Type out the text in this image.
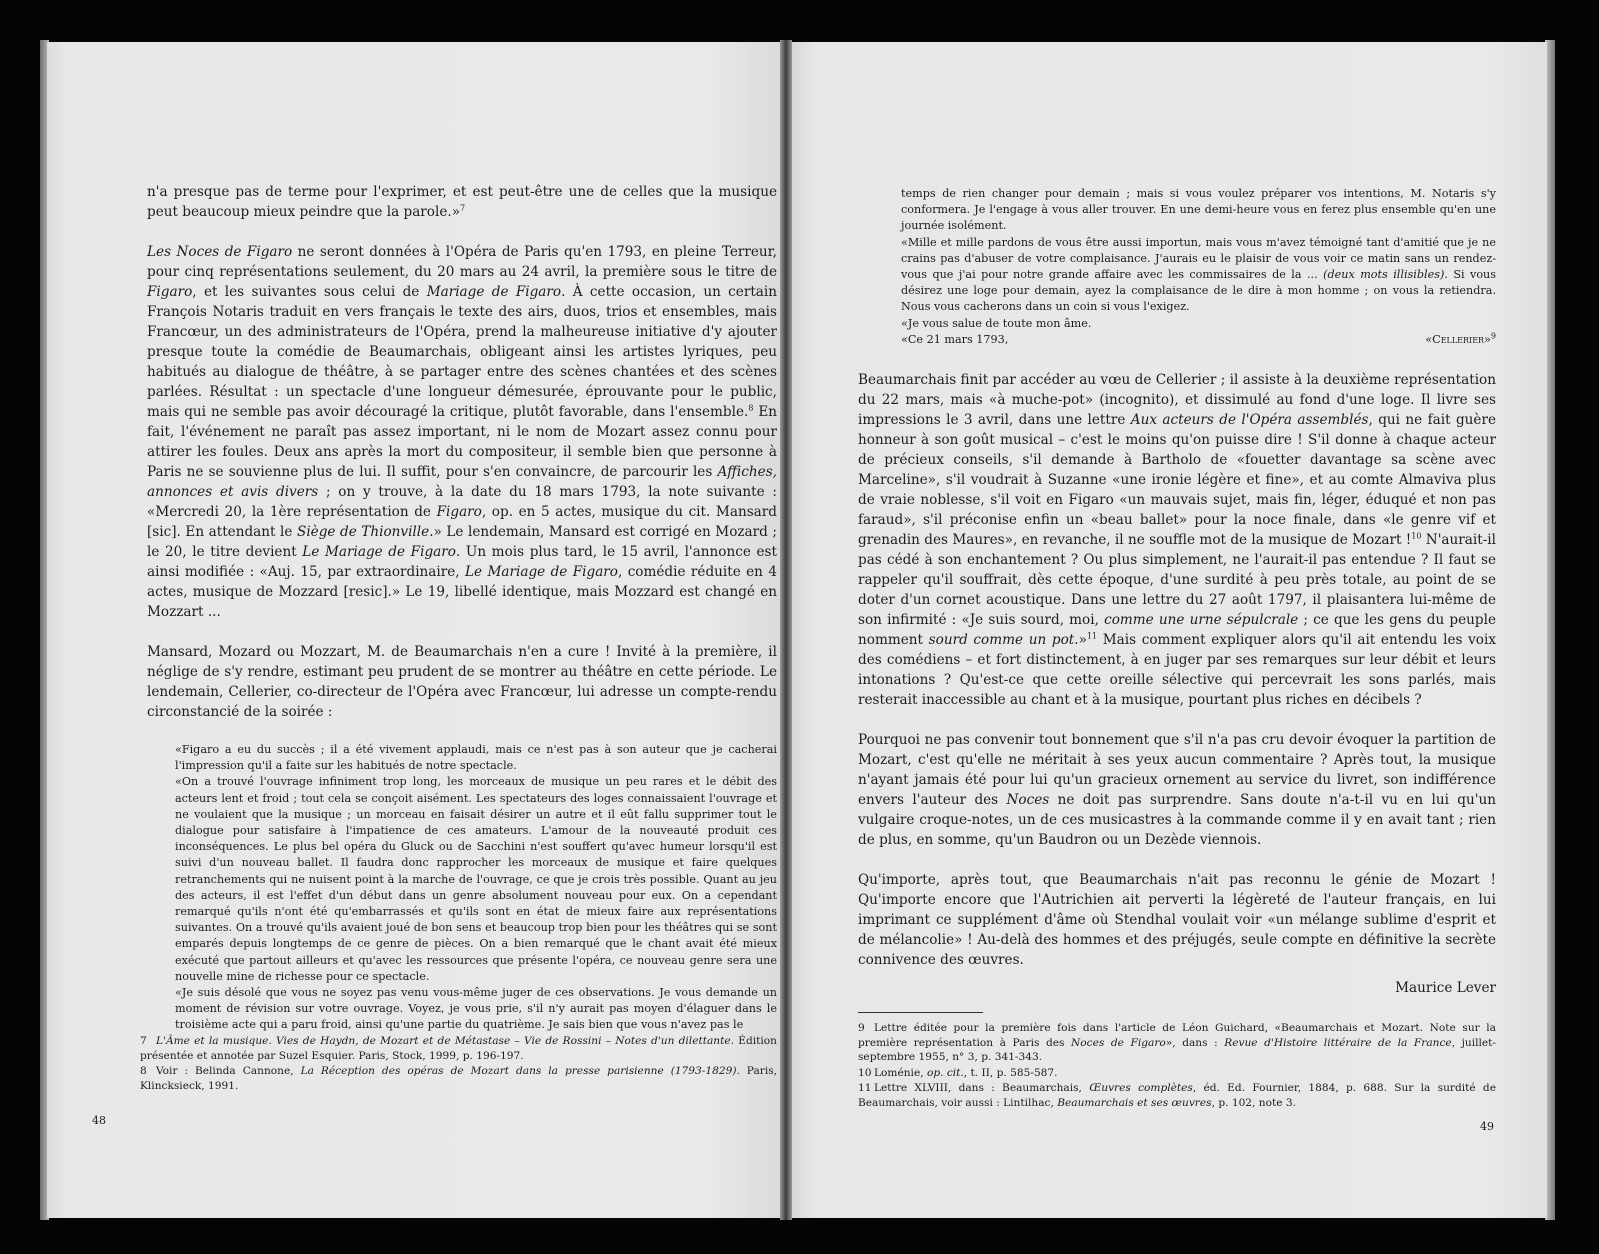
n'a presque pas de terme pour l'exprimer, et est peut-être une de celles que la musique peut beaucoup mieux peindre que la parole.»$^7$

Les Noces de Figaro ne seront données à l'Opéra de Paris qu'en 1793, en pleine Terreur, pour cinq représentations seulement, du 20 mars au 24 avril, la première sous le titre de Figaro, et les suivantes sous celui de Mariage de Figaro. À cette occasion, un certain François Notaris traduit en vers français le texte des airs, duos, trios et ensembles, mais Francœur, un des administrateurs de l'Opéra, prend la malheureuse initiative d'y ajouter presque toute la comédie de Beaumarchais, obligeant ainsi les artistes lyriques, peu habitués au dialogue de théâtre, à se partager entre des scènes chantées et des scènes parlées. Résultat : un spectacle d'une longueur démesurée, éprouvante pour le public, mais qui ne semble pas avoir découragé la critique, plutôt favorable, dans l'ensemble.$^8$ En fait, l'événement ne paraît pas assez important, ni le nom de Mozart assez connu pour attirer les foules. Deux ans après la mort du compositeur, il semble bien que personne à Paris ne se souvienne plus de lui. Il suffit, pour s'en convaincre, de parcourir les Affiches, annonces et avis divers ; on y trouve, à la date du 18 mars 1793, la note suivante : «Mercredi 20, la 1ère représentation de Figaro, op. en 5 actes, musique du cit. Mansard [sic]. En attendant le Siège de Thionville.» Le lendemain, Mansard est corrigé en Mozard ; le 20, le titre devient Le Mariage de Figaro. Un mois plus tard, le 15 avril, l'annonce est ainsi modifiée : «Auj. 15, par extraordinaire, Le Mariage de Figaro, comédie réduite en 4 actes, musique de Mozzard [resic].» Le 19, libellé identique, mais Mozzard est changé en Mozzart ...

Mansard, Mozard ou Mozzart, M. de Beaumarchais n'en a cure ! Invité à la première, il néglige de s'y rendre, estimant peu prudent de se montrer au théâtre en cette période. Le lendemain, Cellerier, co-directeur de l'Opéra avec Francœur, lui adresse un compte-rendu circonstancié de la soirée :

«Figaro a eu du succès ; il a été vivement applaudi, mais ce n'est pas à son auteur que je cacherai l'impression qu'il a faite sur les habitués de notre spectacle.

«On a trouvé l'ouvrage infiniment trop long, les morceaux de musique un peu rares et le débit des acteurs lent et froid ; tout cela se conçoit aisément. Les spectateurs des loges connaissaient l'ouvrage et ne voulaient que la musique ; un morceau en faisait désirer un autre et il eût fallu supprimer tout le dialogue pour satisfaire à l'impatience de ces amateurs. L'amour de la nouveauté produit ces inconséquences. Le plus bel opéra du Gluck ou de Sacchini n'est souffert qu'avec humeur lorsqu'il est suivi d'un nouveau ballet. Il faudra donc rapprocher les morceaux de musique et faire quelques retranchements qui ne nuisent point à la marche de l'ouvrage, ce que je crois très possible. Quant au jeu des acteurs, il est l'effet d'un début dans un genre absolument nouveau pour eux. On a cependant remarqué qu'ils n'ont été qu'embarrassés et qu'ils sont en état de mieux faire aux représentations suivantes. On a trouvé qu'ils avaient joué de bon sens et beaucoup trop bien pour les théâtres qui se sont emparés depuis longtemps de ce genre de pièces. On a bien remarqué que le chant avait été mieux exécuté que partout ailleurs et qu'avec les ressources que présente l'opéra, ce nouveau genre sera une nouvelle mine de richesse pour ce spectacle.

«Je suis désolé que vous ne soyez pas venu vous-même juger de ces observations. Je vous demande un moment de révision sur votre ouvrage. Voyez, je vous prie, s'il n'y aurait pas moyen d'élaguer dans le troisième acte qui a paru froid, ainsi qu'une partie du quatrième. Je sais bien que vous n'avez pas le

7 L'Âme et la musique. Vies de Haydn, de Mozart et de Métastase – Vie de Rossini – Notes d'un dilettante. Édition présentée et annotée par Suzel Esquier. Paris, Stock, 1999, p. 196-197.

8 Voir : Belinda Cannone, La Réception des opéras de Mozart dans la presse parisienne (1793-1829). Paris, Klincksieck, 1991.

48

temps de rien changer pour demain ; mais si vous voulez préparer vos intentions, M. Notaris s'y conformera. Je l'engage à vous aller trouver. En une demi-heure vous en ferez plus ensemble qu'en une journée isolément.

«Mille et mille pardons de vous être aussi importun, mais vous m'avez témoigné tant d'amitié que je ne crains pas d'abuser de votre complaisance. J'aurais eu le plaisir de vous voir ce matin sans un rendez-vous que j'ai pour notre grande affaire avec les commissaires de la ... (deux mots illisibles). Si vous désirez une loge pour demain, ayez la complaisance de le dire à mon homme ; on vous la retiendra. Nous vous cacherons dans un coin si vous l'exigez.

«Je vous salue de toute mon âme.

«Ce 21 mars 1793,	«Cellerier»$^9$

Beaumarchais finit par accéder au vœu de Cellerier ; il assiste à la deuxième représentation du 22 mars, mais «à muche-pot» (incognito), et dissimulé au fond d'une loge. Il livre ses impressions le 3 avril, dans une lettre Aux acteurs de l'Opéra assemblés, qui ne fait guère honneur à son goût musical – c'est le moins qu'on puisse dire ! S'il donne à chaque acteur de précieux conseils, s'il demande à Bartholo de «fouetter davantage sa scène avec Marceline», s'il voudrait à Suzanne «une ironie légère et fine», et au comte Almaviva plus de vraie noblesse, s'il voit en Figaro «un mauvais sujet, mais fin, léger, éduqué et non pas faraud», s'il préconise enfin un «beau ballet» pour la noce finale, dans «le genre vif et grenadin des Maures», en revanche, il ne souffle mot de la musique de Mozart !$^{10}$ N'aurait-il pas cédé à son enchantement ? Ou plus simplement, ne l'aurait-il pas entendue ? Il faut se rappeler qu'il souffrait, dès cette époque, d'une surdité à peu près totale, au point de se doter d'un cornet acoustique. Dans une lettre du 27 août 1797, il plaisantera lui-même de son infirmité : «Je suis sourd, moi, comme une urne sépulcrale ; ce que les gens du peuple nomment sourd comme un pot.»$^{11}$ Mais comment expliquer alors qu'il ait entendu les voix des comédiens – et fort distinctement, à en juger par ses remarques sur leur débit et leurs intonations ? Qu'est-ce que cette oreille sélective qui percevrait les sons parlés, mais resterait inaccessible au chant et à la musique, pourtant plus riches en décibels ?

Pourquoi ne pas convenir tout bonnement que s'il n'a pas cru devoir évoquer la partition de Mozart, c'est qu'elle ne méritait à ses yeux aucun commentaire ? Après tout, la musique n'ayant jamais été pour lui qu'un gracieux ornement au service du livret, son indifférence envers l'auteur des Noces ne doit pas surprendre. Sans doute n'a-t-il vu en lui qu'un vulgaire croque-notes, un de ces musicastres à la commande comme il y en avait tant ; rien de plus, en somme, qu'un Baudron ou un Dezède viennois.

Qu'importe, après tout, que Beaumarchais n'ait pas reconnu le génie de Mozart ! Qu'importe encore que l'Autrichien ait perverti la légèreté de l'auteur français, en lui imprimant ce supplément d'âme où Stendhal voulait voir «un mélange sublime d'esprit et de mélancolie» ! Au-delà des hommes et des préjugés, seule compte en définitive la secrète connivence des œuvres.

Maurice Lever

9 Lettre éditée pour la première fois dans l'article de Léon Guichard, «Beaumarchais et Mozart. Note sur la première représentation à Paris des Noces de Figaro», dans : Revue d'Histoire littéraire de la France, juillet-septembre 1955, n° 3, p. 341-343.

10 Loménie, op. cit., t. II, p. 585-587.

11 Lettre XLVIII, dans : Beaumarchais, Œuvres complètes, éd. Ed. Fournier, 1884, p. 688. Sur la surdité de Beaumarchais, voir aussi : Lintilhac, Beaumarchais et ses œuvres, p. 102, note 3.

49
